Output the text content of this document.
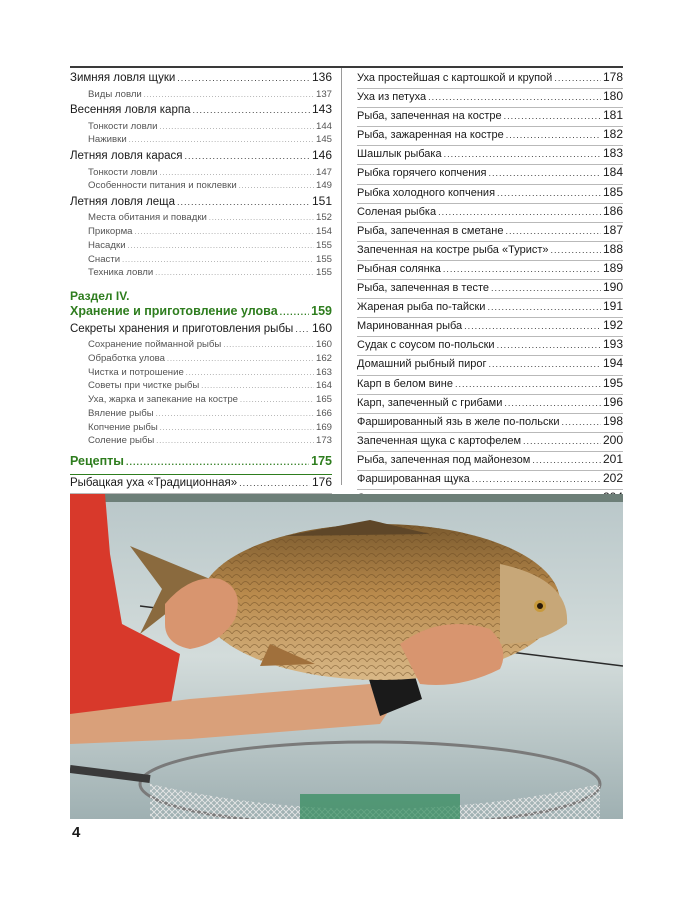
Зимняя ловля щуки .....	136
Виды ловли .....	137
Весенняя ловля карпа .....	143
Тонкости ловли .....	144
Наживки .....	145
Летняя ловля карася .....	146
Тонкости ловли .....	147
Особенности питания и поклевки .....	149
Летняя ловля леща .....	151
Места обитания и повадки .....	152
Прикорма .....	154
Насадки .....	155
Снасти .....	155
Техника ловли .....	155
Раздел IV.
Хранение и приготовление улова .....	159
Секреты хранения и приготовления рыбы ..... 160
Сохранение пойманной рыбы .....	160
Обработка улова .....	162
Чистка и потрошение .....	163
Советы при чистке рыбы .....	164
Уха, жарка и запекание на костре .....	165
Вяление рыбы .....	166
Копчение рыбы .....	169
Соление рыбы .....	173
Рецепты .....	175
Рыбацкая уха «Традиционная» .....	176
.....
Уха простейшая с картошкой и крупой .....	178
Уха из петуха .....	180
Рыба, запеченная на костре .....	181
Рыба, зажаренная на костре .....	182
Шашлык рыбака .....	183
Рыбка горячего копчения .....	184
Рыбка холодного копчения .....	185
Соленая рыбка .....	186
Рыба, запеченная в сметане .....	187
Запеченная на костре рыба «Турист» .....	188
Рыбная солянка .....	189
Рыба, запеченная в тесте .....	190
Жареная рыба по-тайски .....	191
Маринованная рыба .....	192
Судак с соусом по-польски .....	193
Домашний рыбный пирог .....	194
Карп в белом вине .....	195
Карп, запеченный с грибами .....	196
Фаршированный язь в желе по-польски .....	198
Запеченная щука с картофелем .....	200
Рыба, запеченная под майонезом .....	201
Фаршированная щука .....	202
.....
.....
.....
.....
.....
4
